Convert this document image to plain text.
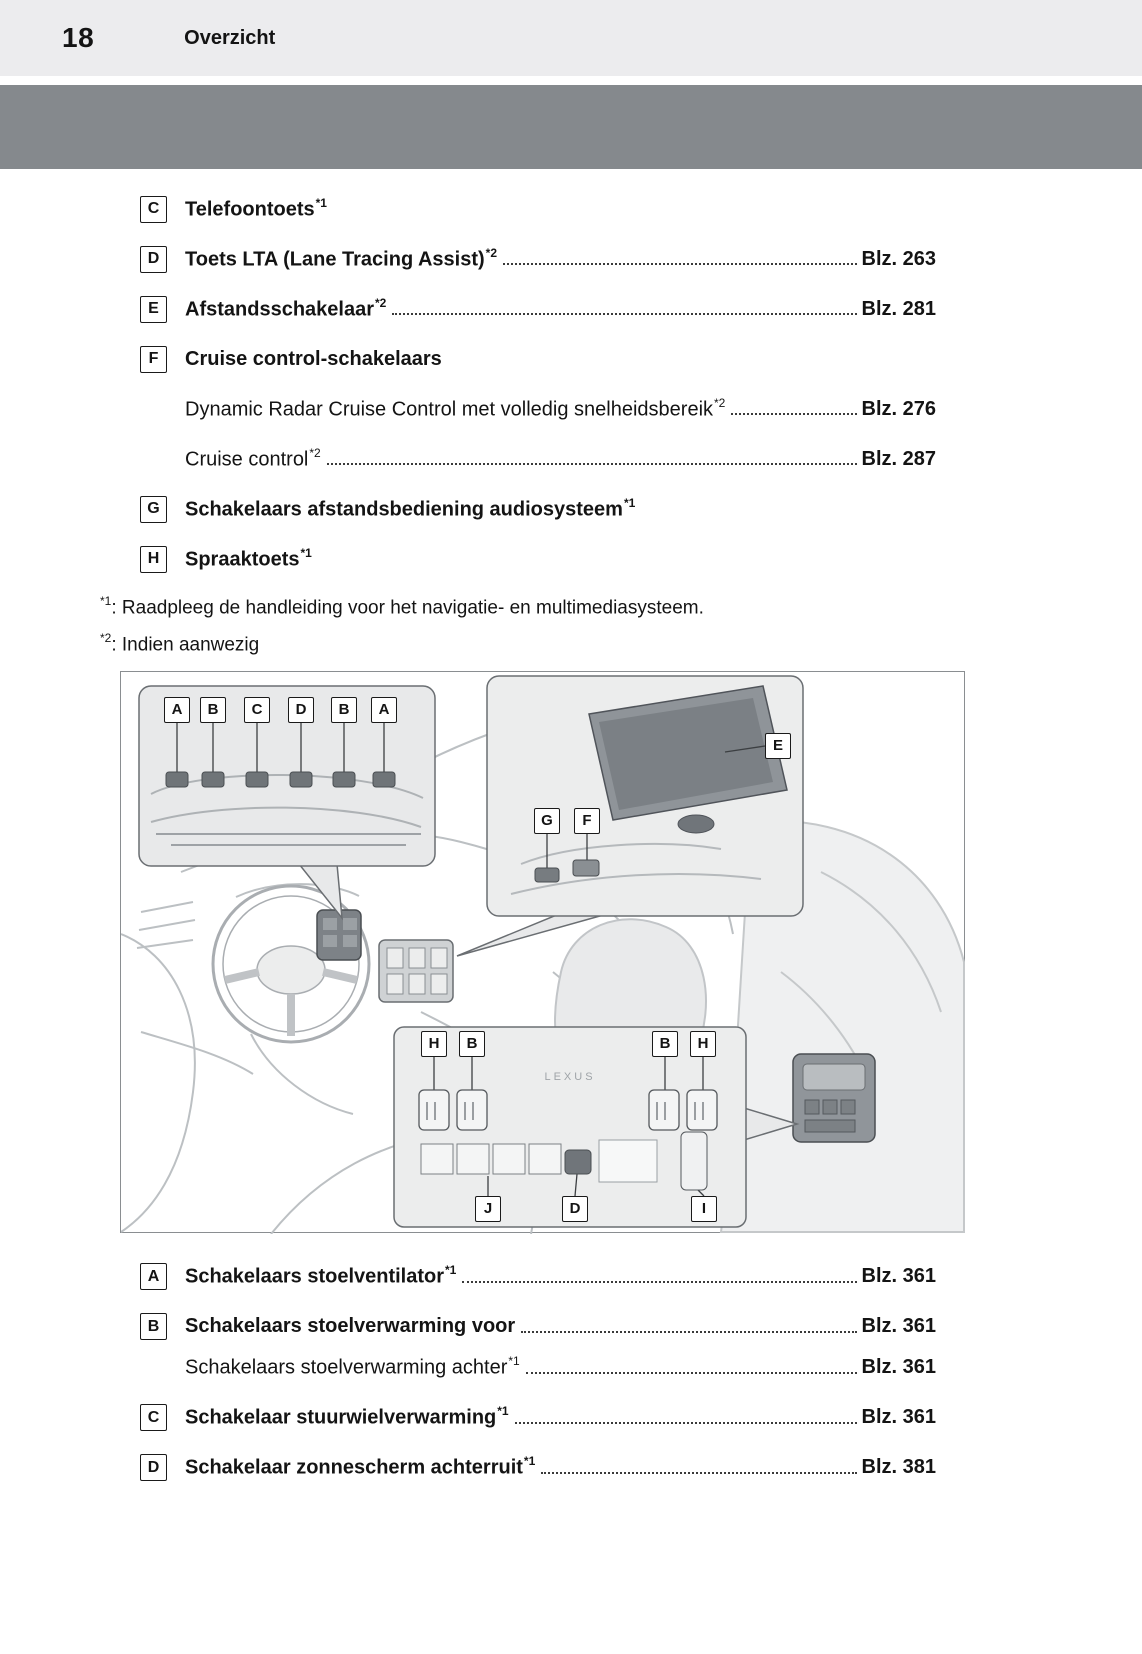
18	Overzicht
C	Telefoontoets$^{*1}$
D	Toets LTA (Lane Tracing Assist)$^{*2}$	Blz. 263
E	Afstandsschakelaar$^{*2}$	Blz. 281
F	Cruise control-schakelaars
Dynamic Radar Cruise Control met volledig snelheidsbereik$^{*2}$	Blz. 276
Cruise control$^{*2}$	Blz. 287
G	Schakelaars afstandsbediening audiosysteem$^{*1}$
H	Spraaktoets$^{*1}$
$^{*1}$: Raadpleeg de handleiding voor het navigatie- en multimediasysteem.
$^{*2}$: Indien aanwezig
LEXUS
A	B	C	D	B	A
E
G	F
H	B	B	H
J	D	I
A	Schakelaars stoelventilator$^{*1}$	Blz. 361
B	Schakelaars stoelverwarming voor	Blz. 361
Schakelaars stoelverwarming achter$^{*1}$	Blz. 361
C	Schakelaar stuurwielverwarming$^{*1}$	Blz. 361
D	Schakelaar zonnescherm achterruit$^{*1}$	Blz. 381
